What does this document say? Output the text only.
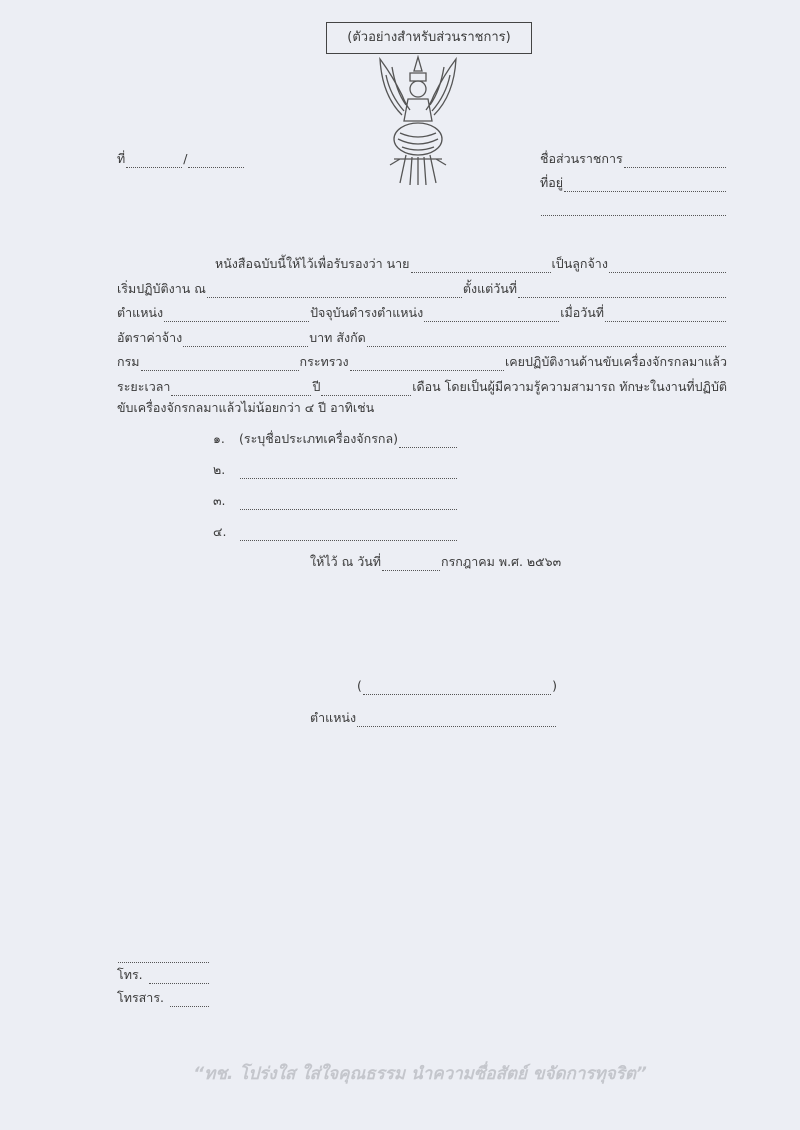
(ตัวอย่างสำหรับส่วนราชการ)
ที่	/	ชื่อส่วนราชการ
ที่อยู่
หนังสือฉบับนี้ให้ไว้เพื่อรับรองว่า นาย	เป็นลูกจ้าง
เริ่มปฏิบัติงาน ณ	ตั้งแต่วันที่
ตำแหน่ง	ปัจจุบันดำรงตำแหน่ง	เมื่อวันที่
อัตราค่าจ้าง	บาท สังกัด
กรม	กระทรวง	เคยปฏิบัติงานด้านขับเครื่องจักรกลมาแล้ว
ระยะเวลา	ปี	เดือน โดยเป็นผู้มีความรู้ความสามารถ ทักษะในงานที่ปฏิบัติ
ขับเครื่องจักรกลมาแล้วไม่น้อยกว่า ๔ ปี อาทิเช่น
๑.	(ระบุชื่อประเภทเครื่องจักรกล)
๒.
๓.
๔.
ให้ไว้ ณ วันที่	กรกฎาคม พ.ศ. ๒๕๖๓
(	)
ตำแหน่ง
โทร.
โทรสาร.
“ทช. โปร่งใส ใส่ใจคุณธรรม นำความซื่อสัตย์ ขจัดการทุจริต”
